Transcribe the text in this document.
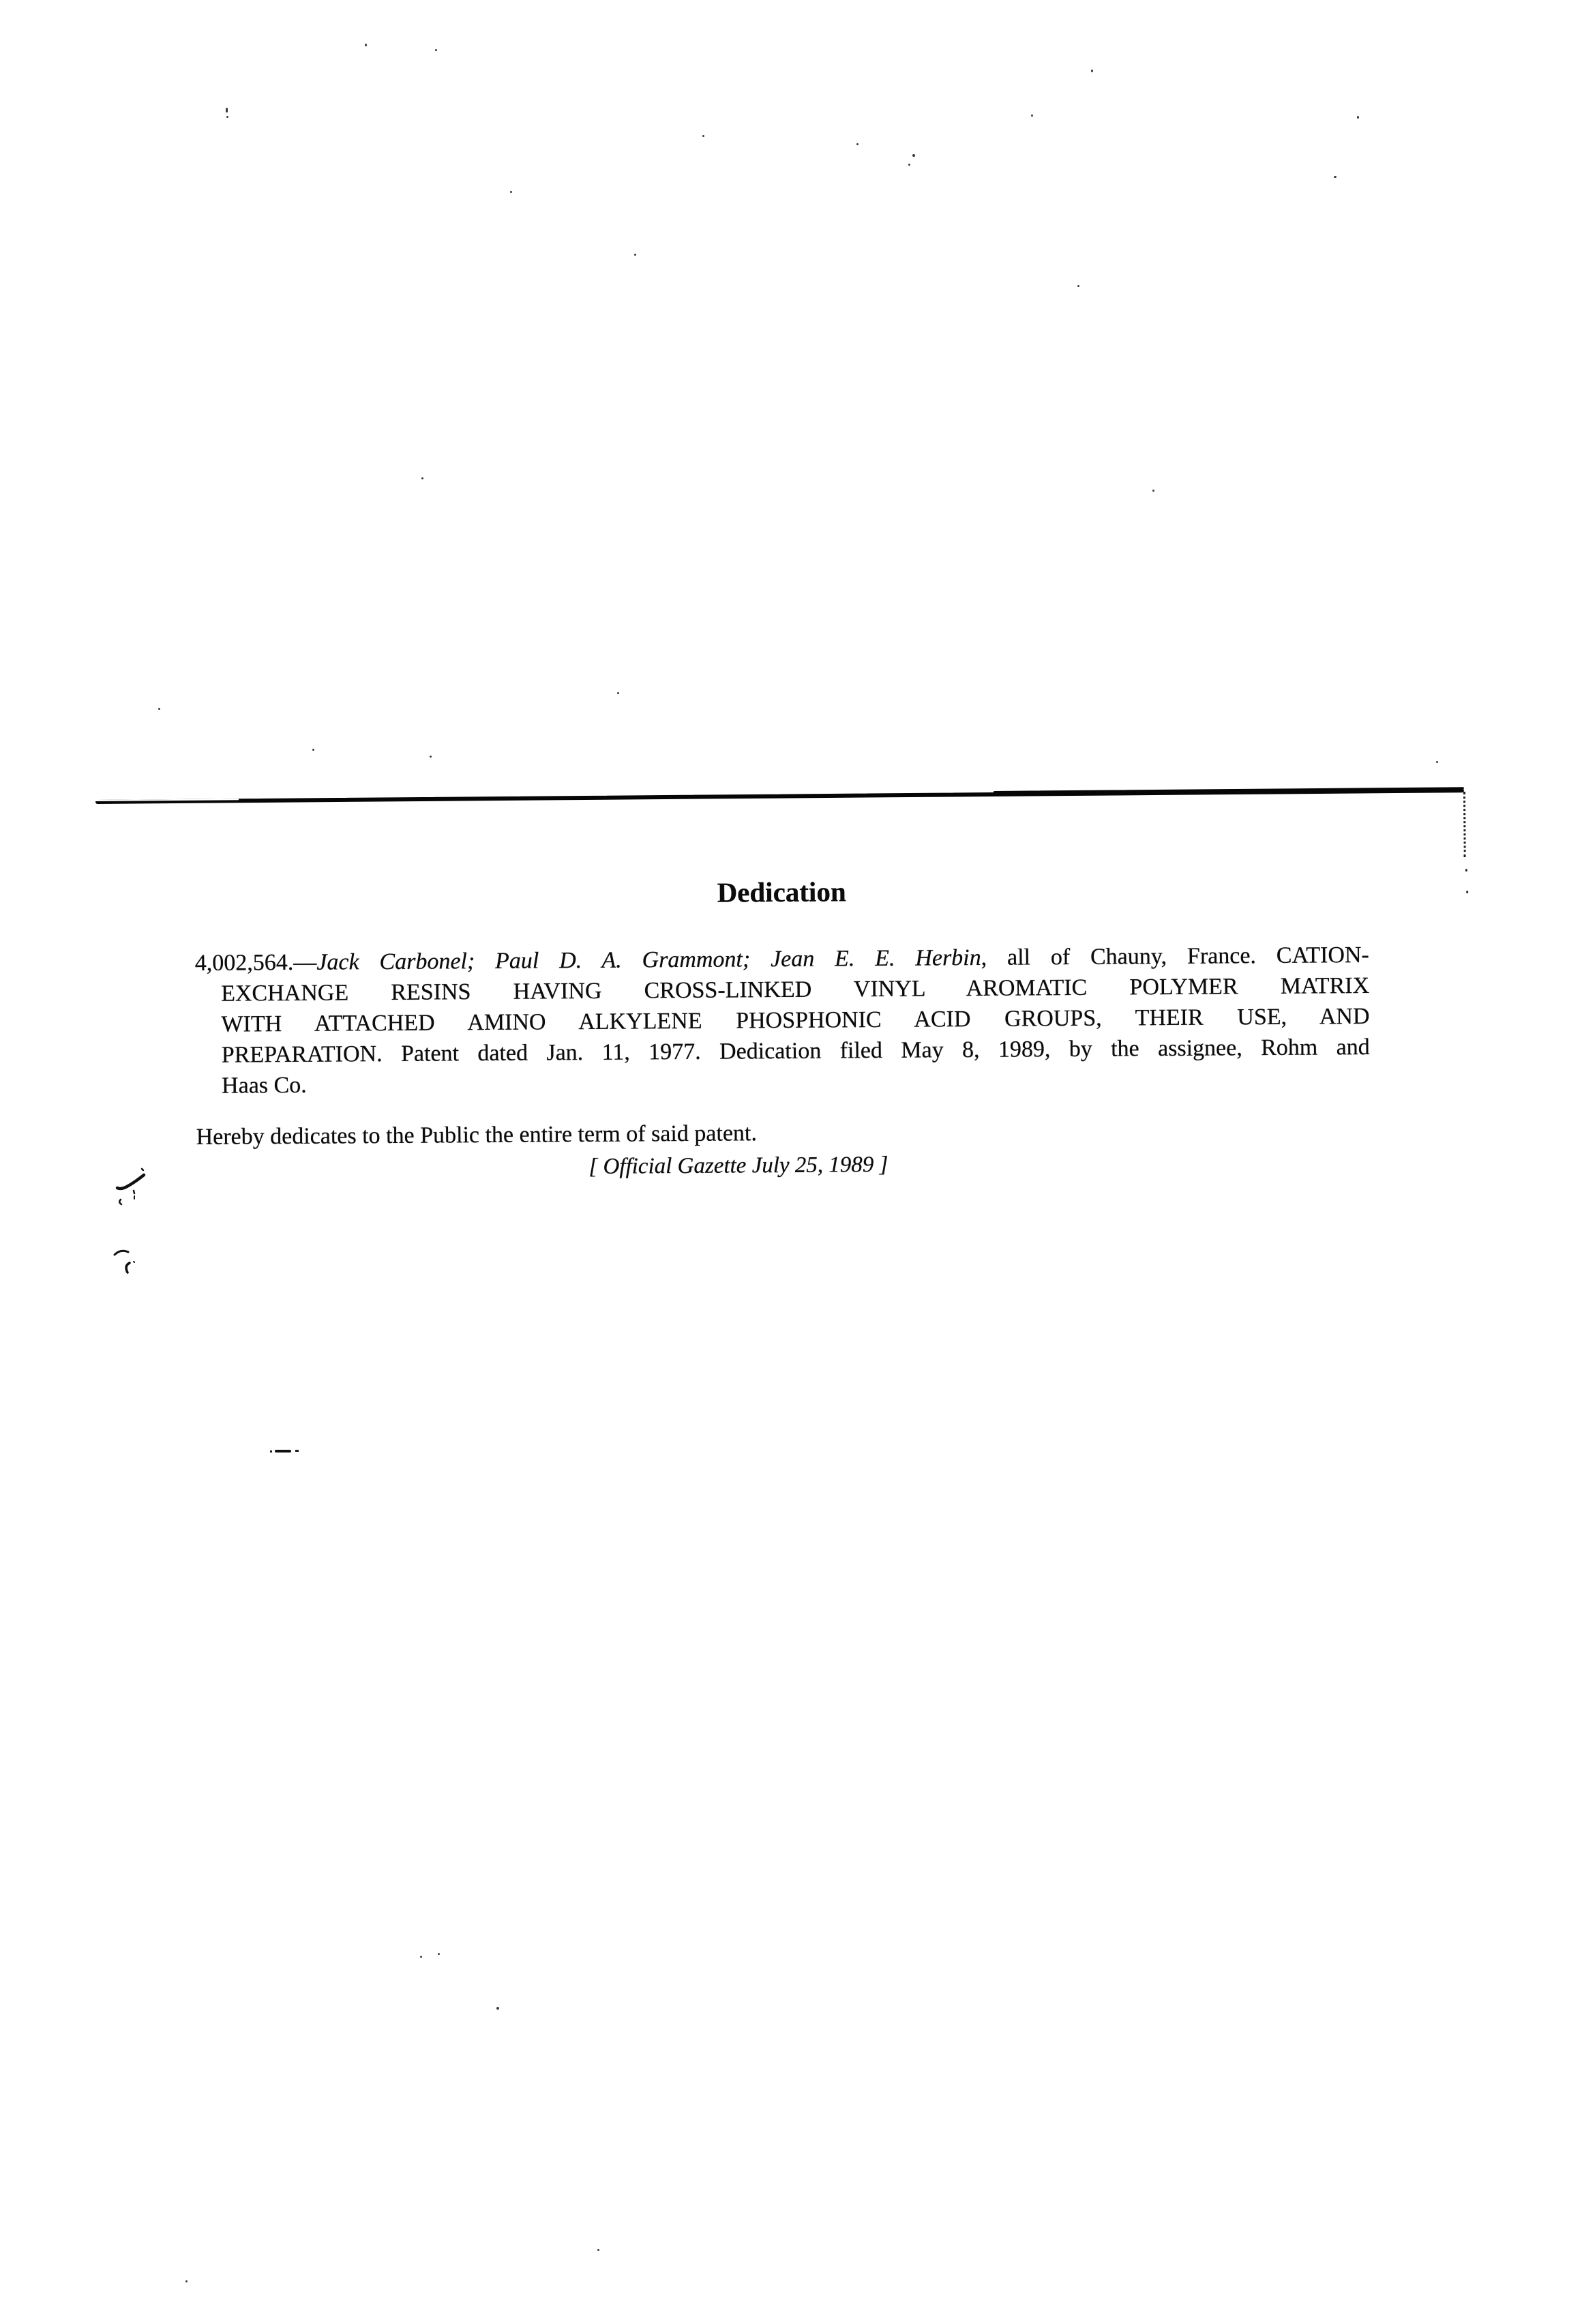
Dedication
4,002,564.—Jack Carbonel; Paul D. A. Grammont; Jean E. E. Herbin, all of Chauny, France. CATION-
EXCHANGE RESINS HAVING CROSS-LINKED VINYL AROMATIC POLYMER MATRIX
WITH ATTACHED AMINO ALKYLENE PHOSPHONIC ACID GROUPS, THEIR USE, AND
PREPARATION. Patent dated Jan. 11, 1977. Dedication filed May 8, 1989, by the assignee, Rohm and
Haas Co.
Hereby dedicates to the Public the entire term of said patent.
[ Official Gazette July 25, 1989 ]
